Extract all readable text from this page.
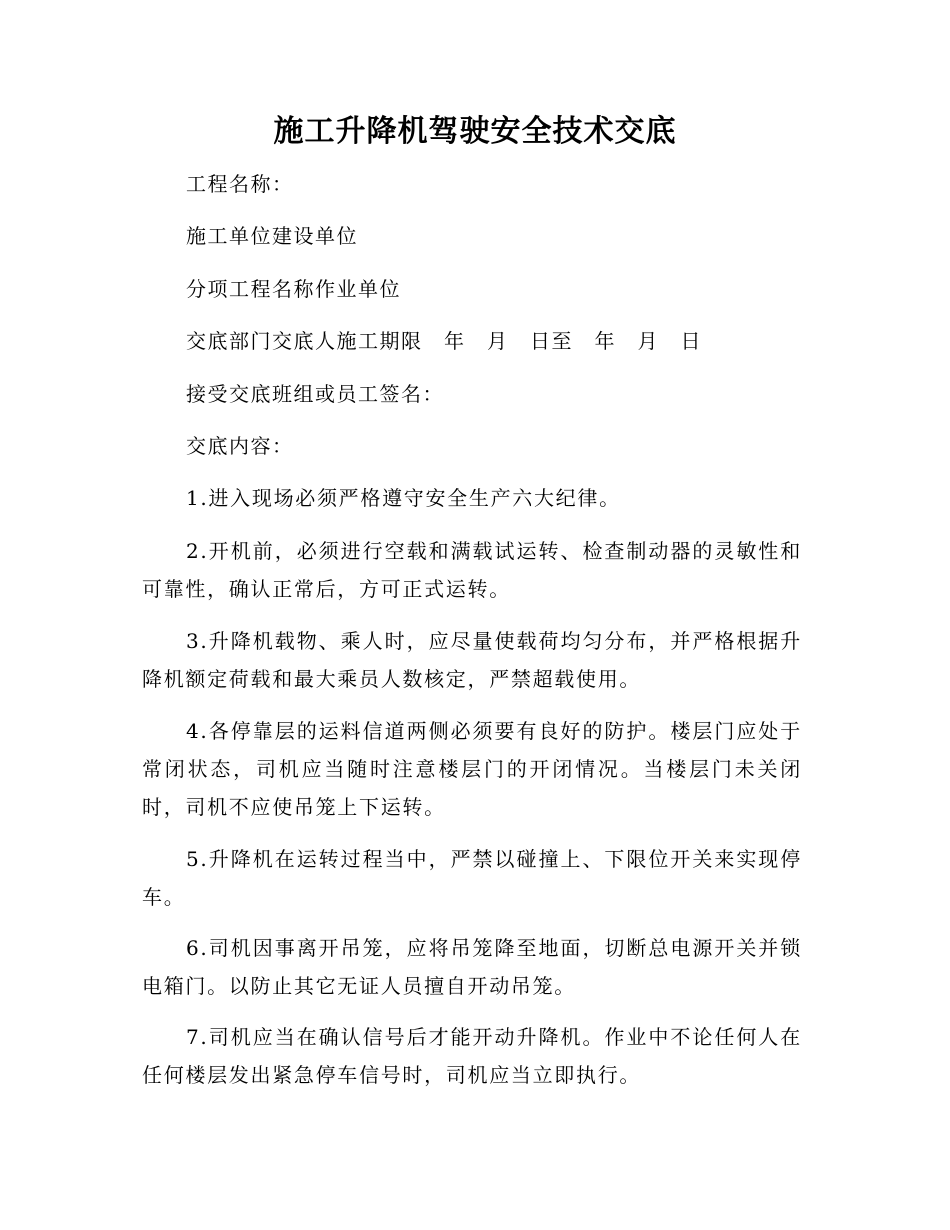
施工升降机驾驶安全技术交底
工程名称：
施工单位建设单位
分项工程名称作业单位
交底部门交底人施工期限　年　月　日至　年　月　日
接受交底班组或员工签名：
交底内容：
1.进入现场必须严格遵守安全生产六大纪律。
2.开机前，必须进行空载和满载试运转、检查制动器的灵敏性和可靠性，确认正常后，方可正式运转。
3.升降机载物、乘人时，应尽量使载荷均匀分布，并严格根据升降机额定荷载和最大乘员人数核定，严禁超载使用。
4.各停靠层的运料信道两侧必须要有良好的防护。楼层门应处于常闭状态，司机应当随时注意楼层门的开闭情况。当楼层门未关闭时，司机不应使吊笼上下运转。
5.升降机在运转过程当中，严禁以碰撞上、下限位开关来实现停车。
6.司机因事离开吊笼，应将吊笼降至地面，切断总电源开关并锁电箱门。以防止其它无证人员擅自开动吊笼。
7.司机应当在确认信号后才能开动升降机。作业中不论任何人在任何楼层发出紧急停车信号时，司机应当立即执行。
